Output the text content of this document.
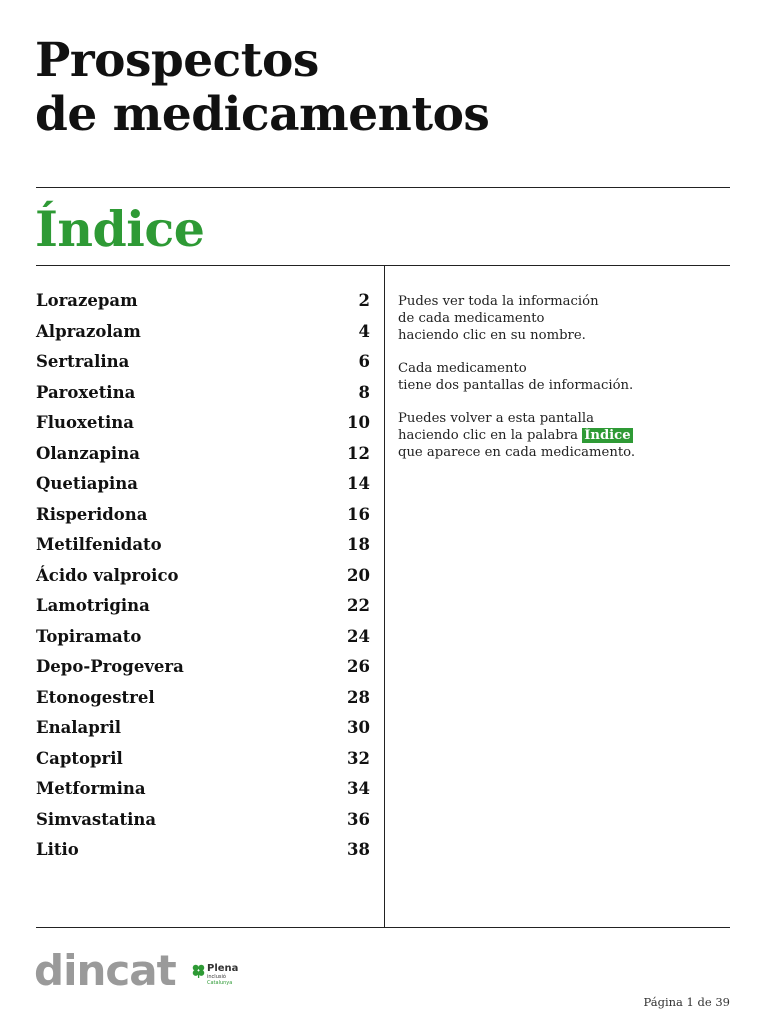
Prospectos
de medicamentos
Índice
Lorazepam	2
Alprazolam	4
Sertralina	6
Paroxetina	8
Fluoxetina	10
Olanzapina	12
Quetiapina	14
Risperidona	16
Metilfenidato	18
Ácido valproico	20
Lamotrigina	22
Topiramato	24
Depo-Progevera	26
Etonogestrel	28
Enalapril	30
Captopril	32
Metformina	34
Simvastatina	36
Litio	38

Pudes ver toda la información
de cada medicamento
haciendo clic en su nombre.

Cada medicamento
tiene dos pantallas de información.

Puedes volver a esta pantalla
haciendo clic en la palabra Índice
que aparece en cada medicamento.

dincat	Plena
inclusió
Catalunya
Página 1 de 39
